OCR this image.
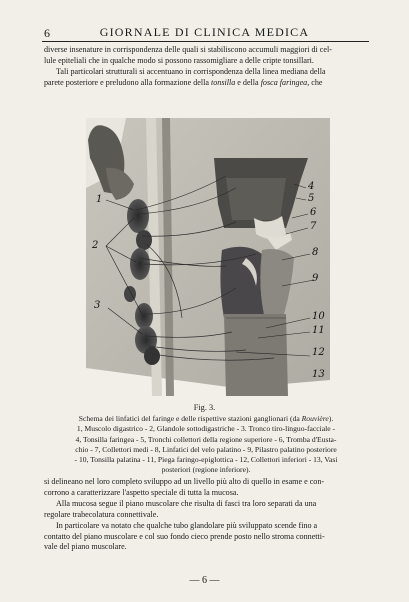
6	GIORNALE DI CLINICA MEDICA
diverse insenature in corrispondenza delle quali si stabiliscono accumuli maggiori di cel-
lule epiteliali che in qualche modo si possono rassomigliare a delle cripte tonsillari.
Tali particolari strutturali si accentuano in corrispondenza della linea mediana della
parete posteriore e preludono alla formazione della tonsilla e della fosca faringea, che
1
2
3
4
5
6
7
8
9
10
11
12
13
Fig. 3.
Schema dei linfatici del faringe e delle rispettive stazioni ganglionari (da Rouvière).
1, Muscolo digastrico - 2, Glandole sottodigastriche - 3. Tronco tiro-linguo-facciale -
4, Tonsilla faringea - 5, Tronchi collettori della regione superiore - 6, Tromba d'Eusta-
chio - 7, Collettori medi - 8, Linfatici del velo palatino - 9, Pilastro palatino posteriore
- 10, Tonsilla palatina - 11, Piega faringo-epiglottica - 12, Collettori inferiori - 13, Vasi
posteriori (regione inferiore).
si delineano nel loro completo sviluppo ad un livello più alto di quello in esame e con-
corrono a caratterizzare l'aspetto speciale di tutta la mucosa.
Alla mucosa segue il piano muscolare che risulta di fasci tra loro separati da una
regolare trabecolatura connettivale.
In particolare va notato che qualche tubo glandolare più sviluppato scende fino a
contatto del piano muscolare e col suo fondo cieco prende posto nello stroma connetti-
vale del piano muscolare.
— 6 —
